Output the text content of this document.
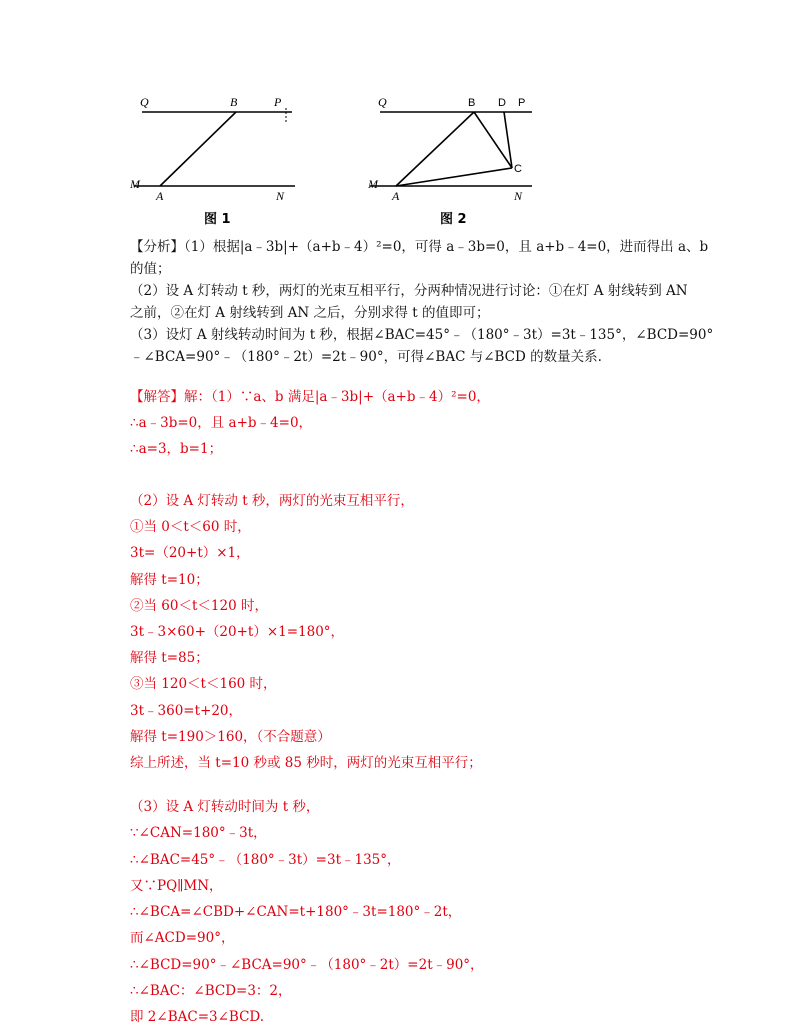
Q	B	P
M
A	N
Q	B D P
C
M
A	N
图 1	图 2
【分析】（1）根据|a﹣3b|+（a+b﹣4）²=0，可得 a﹣3b=0，且 a+b﹣4=0，进而得出 a、b
的值；
（2）设 A 灯转动 t 秒，两灯的光束互相平行，分两种情况进行讨论：①在灯 A 射线转到 AN
之前，②在灯 A 射线转到 AN 之后，分别求得 t 的值即可；
（3）设灯 A 射线转动时间为 t 秒，根据∠BAC=45°﹣（180°﹣3t）=3t﹣135°，∠BCD=90°
﹣∠BCA=90°﹣（180°﹣2t）=2t﹣90°，可得∠BAC 与∠BCD 的数量关系.
【解答】解：（1）∵a、b 满足|a﹣3b|+（a+b﹣4）²=0，
∴a﹣3b=0，且 a+b﹣4=0，
∴a=3，b=1；
（2）设 A 灯转动 t 秒，两灯的光束互相平行，
①当 0＜t＜60 时，
3t=（20+t）×1，
解得 t=10；
②当 60＜t＜120 时，
3t﹣3×60+（20+t）×1=180°，
解得 t=85；
③当 120＜t＜160 时，
3t﹣360=t+20，
解得 t=190＞160，（不合题意）
综上所述，当 t=10 秒或 85 秒时，两灯的光束互相平行；
（3）设 A 灯转动时间为 t 秒，
∵∠CAN=180°﹣3t，
∴∠BAC=45°﹣（180°﹣3t）=3t﹣135°，
又∵PQ∥MN，
∴∠BCA=∠CBD+∠CAN=t+180°﹣3t=180°﹣2t，
而∠ACD=90°，
∴∠BCD=90°﹣∠BCA=90°﹣（180°﹣2t）=2t﹣90°，
∴∠BAC：∠BCD=3：2，
即 2∠BAC=3∠BCD.
